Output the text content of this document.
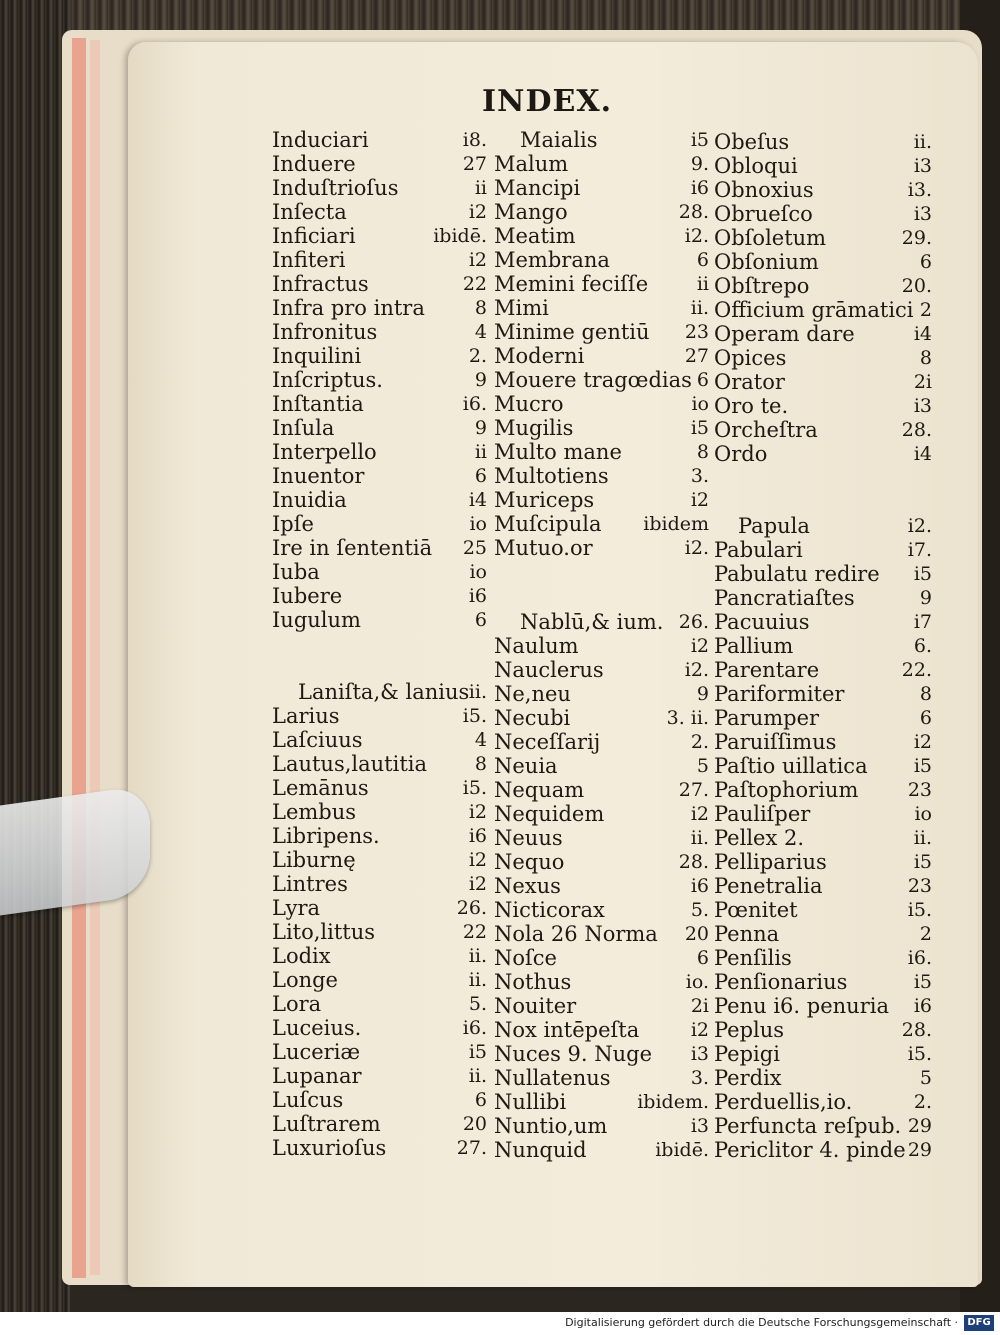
INDEX.
Induciari	i8.
Induere	27
Induſtrioſus	ii
Inſecta	i2
Inficiari	ibidē.
Infiteri	i2
Infractus	22
Infra pro intra	8
Infronitus	4
Inquilini	2.
Inſcriptus.	9
Inſtantia	i6.
Inſula	9
Interpello	ii
Inuentor	6
Inuidia	i4
Ipſe	io
Ire in ſententiā 25
Iuba	io
Iubere	i6
Iugulum	6
Laniſta,& lanius ii.
Larius	i5.
Laſciuus	4
Lautus,lautitia	8
Lemānus	i5.
Lembus	i2
Libripens.	i6
Liburnę	i2
Lintres	i2
Lyra	26.
Lito,littus	22
Lodix	ii.
Longe	ii.
Lora	5.
Luceius.	i6.
Luceriæ	i5
Lupanar	ii.
Luſcus	6
Luſtrarem	20
Luxurioſus	27.
Maialis	i5
Malum	9.
Mancipi	i6
Mango	28.
Meatim	i2.
Membrana	6
Memini feciſſe	ii
Mimi	ii.
Minime gentiū 23
Moderni	27
Mouere tragœdias 6
Mucro	io
Mugilis	i5
Multo mane	8
Multotiens	3.
Muriceps	i2
Muſcipula ibidem
Mutuo.or	i2.
Nablū,& ium. 26.
Naulum	i2
Nauclerus	i2.
Ne,neu	9
Necubi	3. ii.
Neceſſarij	2.
Neuia	5
Nequam	27.
Nequidem	i2
Neuus	ii.
Nequo	28.
Nexus	i6
Nicticorax	5.
Nola 26 Norma 20
Noſce	6
Nothus	io.
Nouiter	2i
Nox intēpeſta	i2
Nuces 9. Nuge i3
Nullatenus	3.
Nullibi	ibidem.
Nuntio,um	i3
Nunquid	ibidē.
Obeſus	ii.
Obloqui	i3
Obnoxius	i3.
Obrueſco	i3
Obſoletum	29.
Obſonium	6
Obſtrepo	20.
Officium grāmatici 2
Operam dare	i4
Opices	8
Orator	2i
Oro te.	i3
Orcheſtra	28.
Ordo	i4
Papula	i2.
Pabulari	i7.
Pabulatu redire i5
Pancratiaſtes	9
Pacuuius	i7
Pallium	6.
Parentare	22.
Pariformiter	8
Parumper	6
Paruiſſimus	i2
Paſtio uillatica i5
Paſtophorium	23
Pauliſper	io
Pellex 2.	ii.
Pelliparius	i5
Penetralia	23
Pœnitet	i5.
Penna	2
Penſilis	i6.
Penſionarius	i5
Penu i6. penuria i6
Peplus	28.
Pepigi	i5.
Perdix	5
Perduellis,io.	2.
Perfuncta reſpub. 29
Periclitor 4. pinde 29
Digitalisierung gefördert durch die Deutsche Forschungsgemeinschaft · DFG
